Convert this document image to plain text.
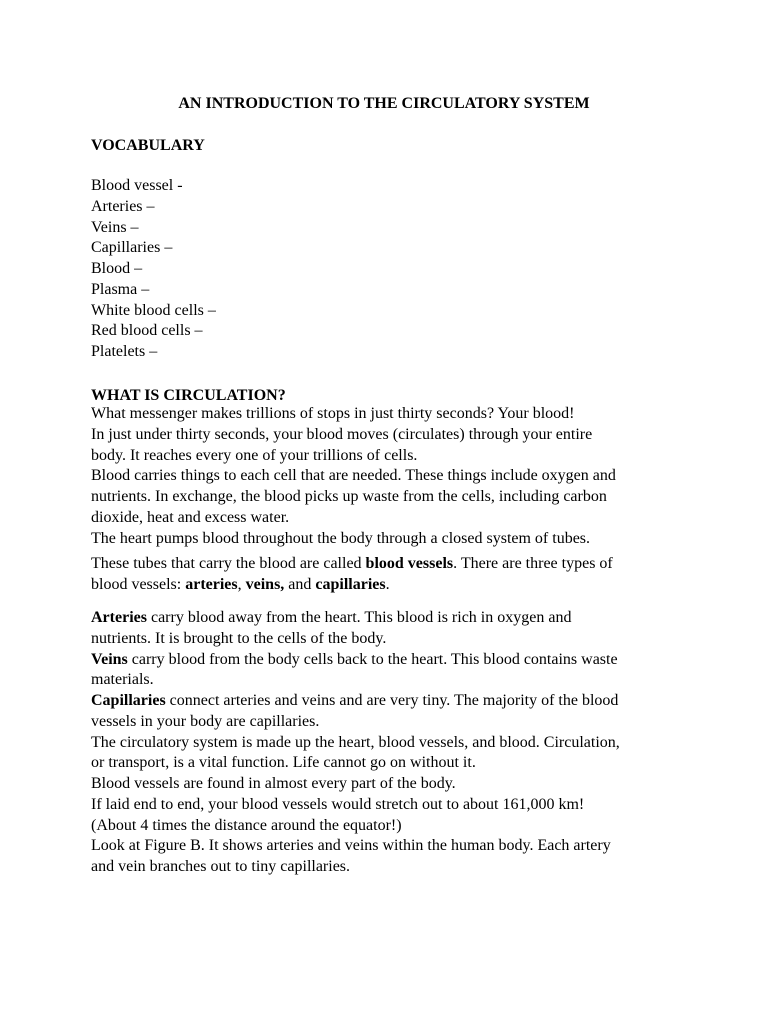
AN INTRODUCTION TO THE CIRCULATORY SYSTEM
VOCABULARY
Blood vessel -
Arteries –
Veins –
Capillaries –
Blood –
Plasma –
White blood cells –
Red blood cells –
Platelets –
WHAT IS CIRCULATION?
What messenger makes trillions of stops in just thirty seconds? Your blood!
In just under thirty seconds, your blood moves (circulates) through your entire
body. It reaches every one of your trillions of cells.
Blood carries things to each cell that are needed. These things include oxygen and
nutrients. In exchange, the blood picks up waste from the cells, including carbon
dioxide, heat and excess water.
The heart pumps blood throughout the body through a closed system of tubes.
These tubes that carry the blood are called blood vessels. There are three types of
blood vessels: arteries, veins, and capillaries.
Arteries carry blood away from the heart. This blood is rich in oxygen and
nutrients. It is brought to the cells of the body.
Veins carry blood from the body cells back to the heart. This blood contains waste
materials.
Capillaries connect arteries and veins and are very tiny. The majority of the blood
vessels in your body are capillaries.
The circulatory system is made up the heart, blood vessels, and blood. Circulation,
or transport, is a vital function. Life cannot go on without it.
Blood vessels are found in almost every part of the body.
If laid end to end, your blood vessels would stretch out to about 161,000 km!
(About 4 times the distance around the equator!)
Look at Figure B. It shows arteries and veins within the human body. Each artery
and vein branches out to tiny capillaries.
